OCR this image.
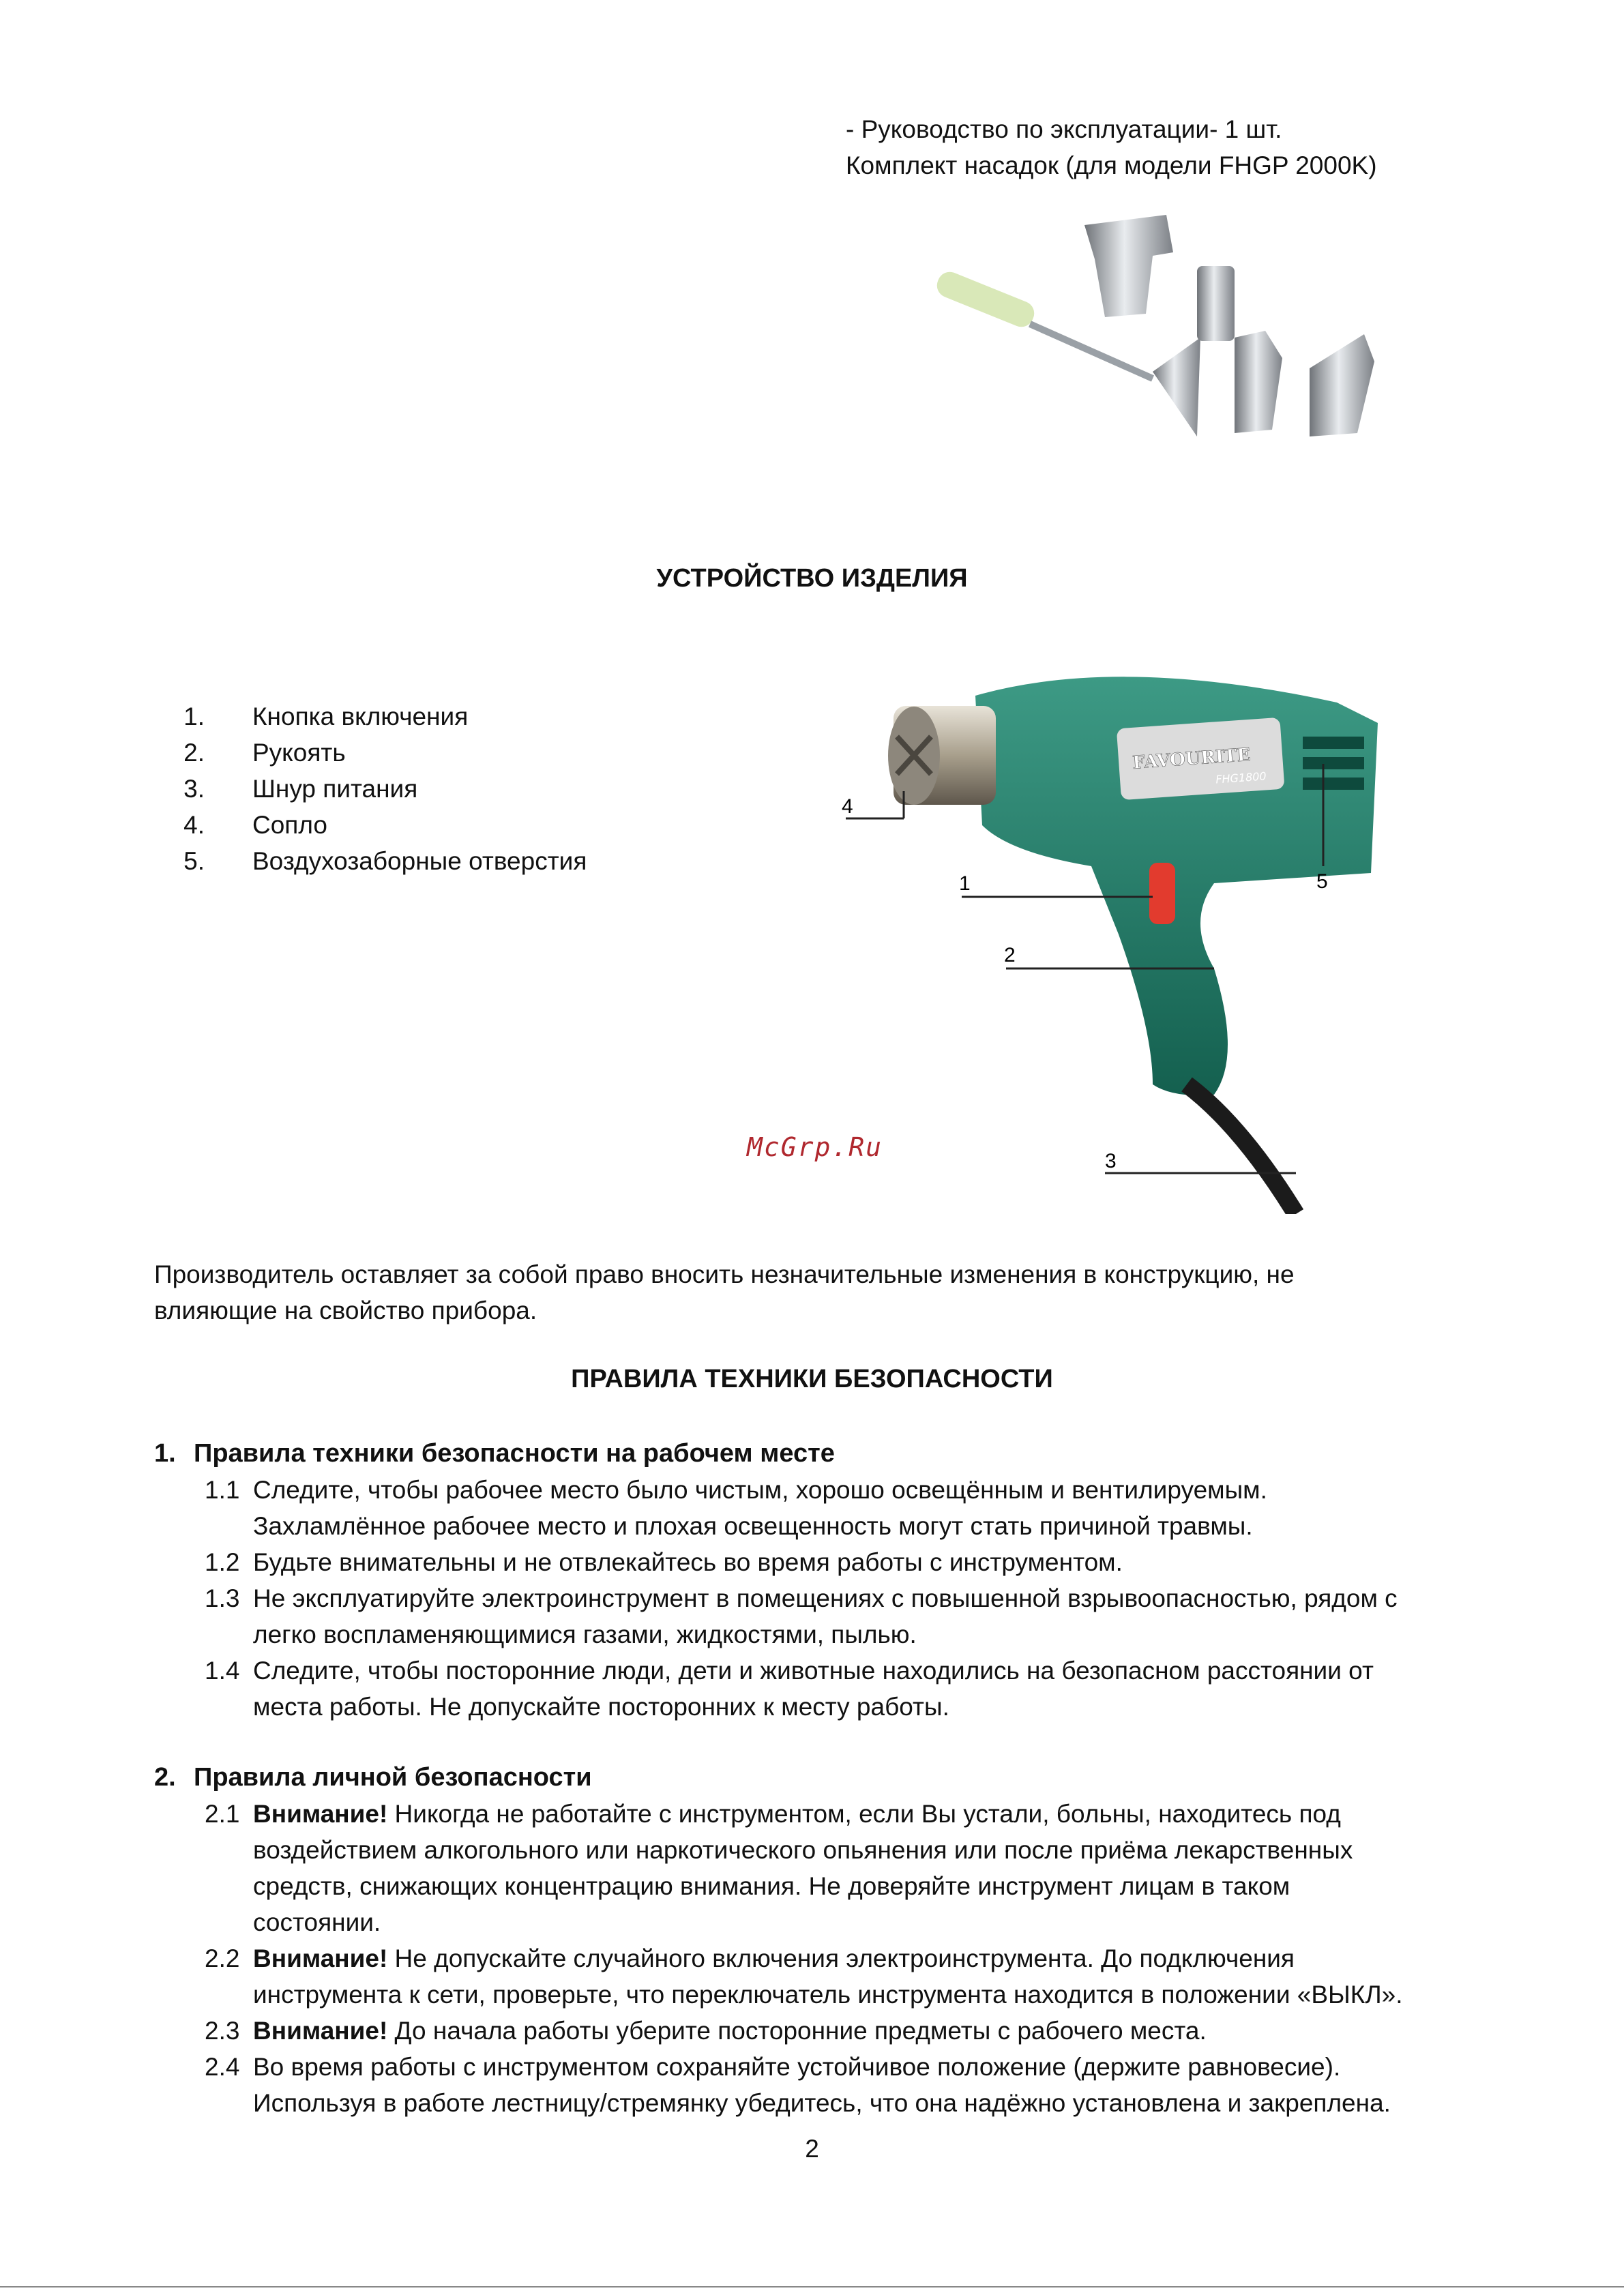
- Руководство по эксплуатации- 1 шт.
Комплект насадок (для модели FHGP 2000K)
УСТРОЙСТВО ИЗДЕЛИЯ
1. Кнопка включения
2. Рукоять
3. Шнур питания
4. Сопло
5. Воздухозаборные отверстия
FAVOURITE
FHG1800
4
1
2
3
5
McGrp.Ru
Производитель оставляет за собой право вносить незначительные изменения в конструкцию, не
влияющие на свойство прибора.
ПРАВИЛА ТЕХНИКИ БЕЗОПАСНОСТИ
1. Правила техники безопасности на рабочем месте
1.1 Следите, чтобы рабочее место было чистым, хорошо освещённым и вентилируемым.
Захламлённое рабочее место и плохая освещенность могут стать причиной травмы.
1.2 Будьте внимательны и не отвлекайтесь во время работы с инструментом.
1.3 Не эксплуатируйте электроинструмент в помещениях с повышенной взрывоопасностью, рядом с
легко воспламеняющимися газами, жидкостями, пылью.
1.4 Следите, чтобы посторонние люди, дети и животные находились на безопасном расстоянии от
места работы. Не допускайте посторонних к месту работы.
2. Правила личной безопасности
2.1 Внимание! Никогда не работайте с инструментом, если Вы устали, больны, находитесь под
воздействием алкогольного или наркотического опьянения или после приёма лекарственных
средств, снижающих концентрацию внимания. Не доверяйте инструмент лицам в таком
состоянии.
2.2 Внимание! Не допускайте случайного включения электроинструмента. До подключения
инструмента к сети, проверьте, что переключатель инструмента находится в положении «ВЫКЛ».
2.3 Внимание! До начала работы уберите посторонние предметы с рабочего места.
2.4 Во время работы с инструментом сохраняйте устойчивое положение (держите равновесие).
Используя в работе лестницу/стремянку убедитесь, что она надёжно установлена и закреплена.
2
